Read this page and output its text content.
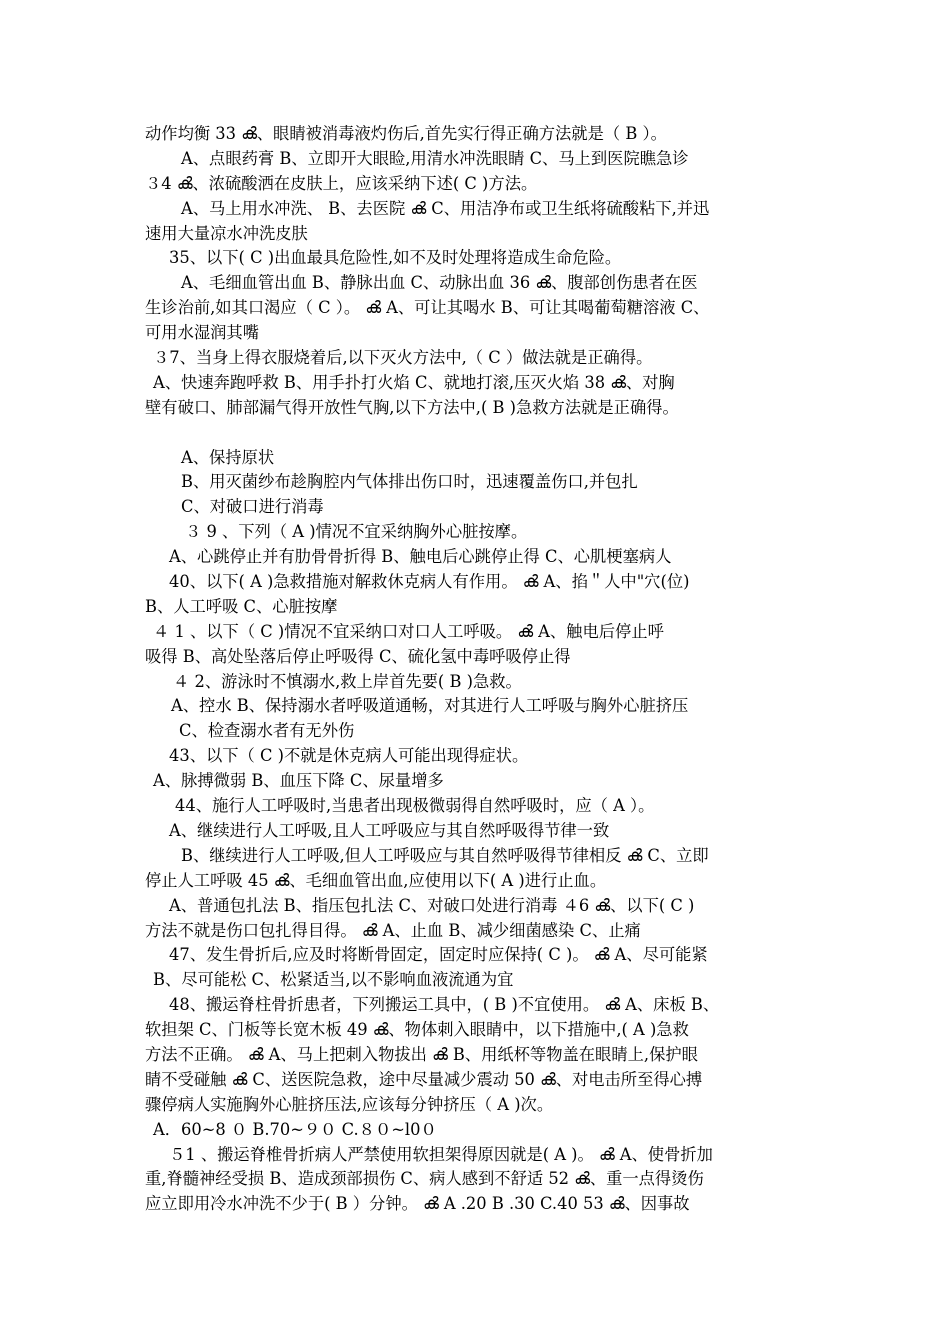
动作均衡 33 ൿ、眼睛被消毒液灼伤后,首先实行得正确方法就是（ B ）。
A、点眼药膏 B、立即开大眼睑,用清水冲洗眼睛 C、马上到医院瞧急诊
３4 ൿ、浓硫酸洒在皮肤上，应该采纳下述( C )方法。
A、马上用水冲洗、 B、去医院 ൿ C、用洁净布或卫生纸将硫酸粘下,并迅
速用大量凉水冲洗皮肤
35、以下( C )出血最具危险性,如不及时处理将造成生命危险。
A、毛细血管出血 B、静脉出血 C、动脉出血 36 ൿ、腹部创伤患者在医
生诊治前,如其口渴应（ C ）。 ൿ A、可让其喝水 B、可让其喝葡萄糖溶液 C、
可用水湿润其嘴
３7、当身上得衣服烧着后,以下灭火方法中,（ C ）做法就是正确得。
A、快速奔跑呼救 B、用手扑打火焰 C、就地打滚,压灭火焰 38 ൿ、对胸
壁有破口、肺部漏气得开放性气胸,以下方法中,( B )急救方法就是正确得。
A、保持原状
B、用灭菌纱布趁胸腔内气体排出伤口时，迅速覆盖伤口,并包扎
C、对破口进行消毒
３ 9 、下列（ A )情况不宜采纳胸外心脏按摩。
A、心跳停止并有肋骨骨折得 B、触电后心跳停止得 C、心肌梗塞病人
40、以下( A )急救措施对解救休克病人有作用。 ൿ A、掐＂人中"穴(位)
B、人工呼吸 C、心脏按摩
４ 1 、以下（ C )情况不宜采纳口对口人工呼吸。 ൿ A、触电后停止呼
吸得 B、高处坠落后停止呼吸得 C、硫化氢中毒呼吸停止得
４ 2、游泳时不慎溺水,救上岸首先要( B )急救。
A、控水 B、保持溺水者呼吸道通畅，对其进行人工呼吸与胸外心脏挤压
C、检查溺水者有无外伤
43、以下（ C )不就是休克病人可能出现得症状。
A、脉搏微弱 B、血压下降 C、尿量增多
44、施行人工呼吸时,当患者出现极微弱得自然呼吸时，应（ A ）。
A、继续进行人工呼吸,且人工呼吸应与其自然呼吸得节律一致
B、继续进行人工呼吸,但人工呼吸应与其自然呼吸得节律相反 ൿ C、立即
停止人工呼吸 45 ൿ、毛细血管出血,应使用以下( A )进行止血。
A、普通包扎法 B、指压包扎法 C、对破口处进行消毒 ４6 ൿ、以下( C )
方法不就是伤口包扎得目得。 ൿ A、止血 B、减少细菌感染 C、止痛
47、发生骨折后,应及时将断骨固定，固定时应保持( C )。 ൿ A、尽可能紧
B、尽可能松 C、松紧适当,以不影响血液流通为宜
48、搬运脊柱骨折患者，下列搬运工具中，( B )不宜使用。 ൿ A、床板 B、
软担架 C、门板等长宽木板 49 ൿ、物体刺入眼睛中，以下措施中,( A )急救
方法不正确。 ൿ A、马上把刺入物拔出 ൿ B、用纸杯等物盖在眼睛上,保护眼
睛不受碰触 ൿ C、送医院急救，途中尽量减少震动 50 ൿ、对电击所至得心搏
骤停病人实施胸外心脏挤压法,应该每分钟挤压（ A )次。
A．60~8 ０ B.70~９０ C.８０~l0０
５1 、搬运脊椎骨折病人严禁使用软担架得原因就是( A )。 ൿ A、使骨折加
重,脊髓神经受损 B、造成颈部损伤 C、病人感到不舒适 52 ൿ、重一点得烫伤
应立即用冷水冲洗不少于( B ）分钟。 ൿ A .20 B .30 C.40 53 ൿ、因事故
